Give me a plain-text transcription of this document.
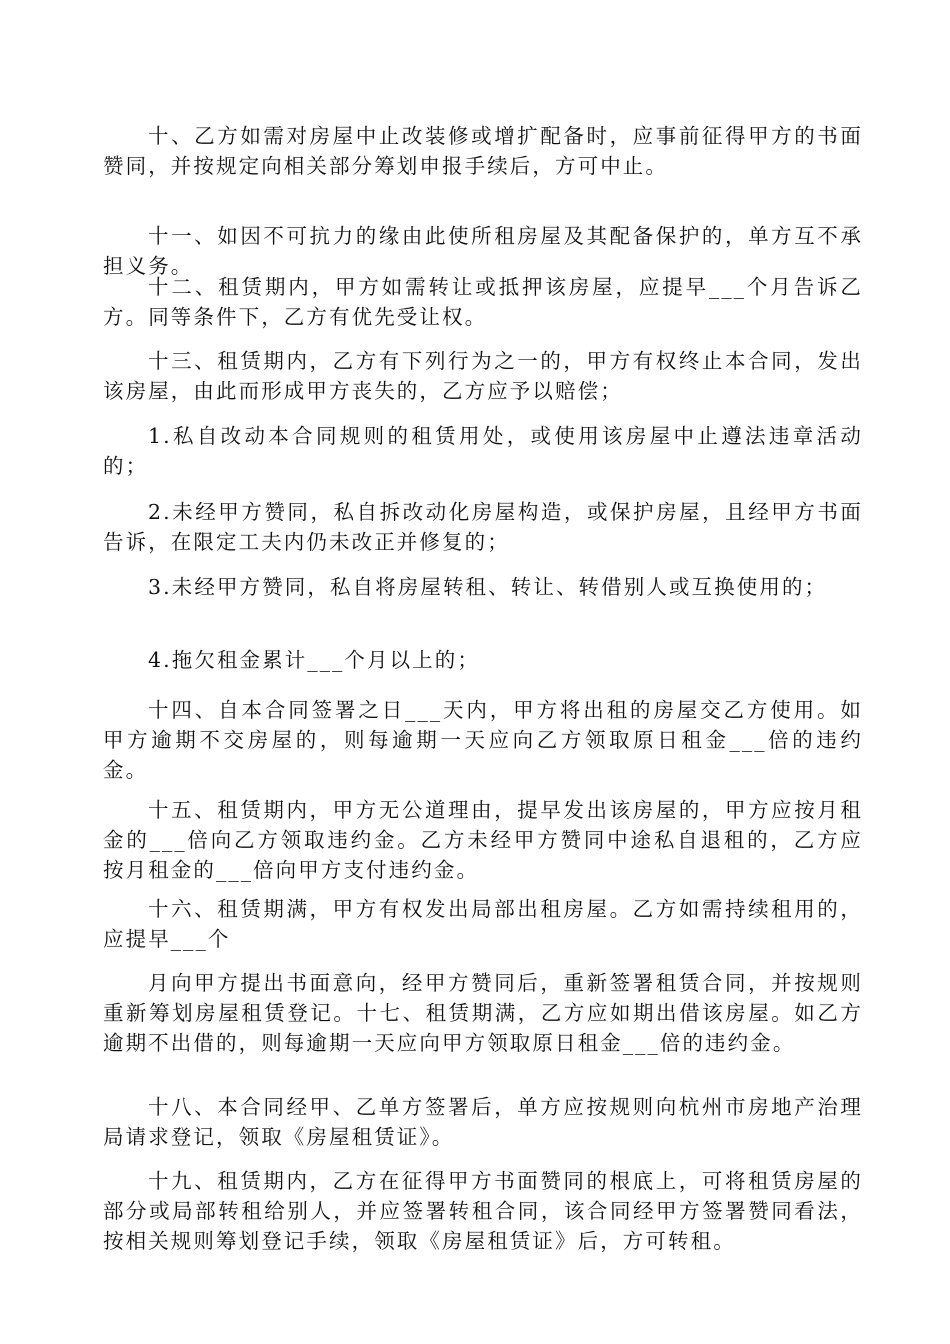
十、乙方如需对房屋中止改装修或增扩配备时，应事前征得甲方的书面赞同，并按规定向相关部分筹划申报手续后，方可中止。

十一、如因不可抗力的缘由此使所租房屋及其配备保护的，单方互不承担义务。

十二、租赁期内，甲方如需转让或抵押该房屋，应提早___个月告诉乙方。同等条件下，乙方有优先受让权。

十三、租赁期内，乙方有下列行为之一的，甲方有权终止本合同，发出该房屋，由此而形成甲方丧失的，乙方应予以赔偿；

1.私自改动本合同规则的租赁用处，或使用该房屋中止遵法违章活动的；

2.未经甲方赞同，私自拆改动化房屋构造，或保护房屋，且经甲方书面告诉，在限定工夫内仍未改正并修复的；

3.未经甲方赞同，私自将房屋转租、转让、转借别人或互换使用的；

4.拖欠租金累计___个月以上的；

十四、自本合同签署之日___天内，甲方将出租的房屋交乙方使用。如甲方逾期不交房屋的，则每逾期一天应向乙方领取原日租金___倍的违约金。

十五、租赁期内，甲方无公道理由，提早发出该房屋的，甲方应按月租金的___倍向乙方领取违约金。乙方未经甲方赞同中途私自退租的，乙方应按月租金的___倍向甲方支付违约金。

十六、租赁期满，甲方有权发出局部出租房屋。乙方如需持续租用的，应提早___个

月向甲方提出书面意向，经甲方赞同后，重新签署租赁合同，并按规则重新筹划房屋租赁登记。十七、租赁期满，乙方应如期出借该房屋。如乙方逾期不出借的，则每逾期一天应向甲方领取原日租金___倍的违约金。

十八、本合同经甲、乙单方签署后，单方应按规则向杭州市房地产治理局请求登记，领取《房屋租赁证》。

十九、租赁期内，乙方在征得甲方书面赞同的根底上，可将租赁房屋的部分或局部转租给别人，并应签署转租合同，该合同经甲方签署赞同看法，按相关规则筹划登记手续，领取《房屋租赁证》后，方可转租。
